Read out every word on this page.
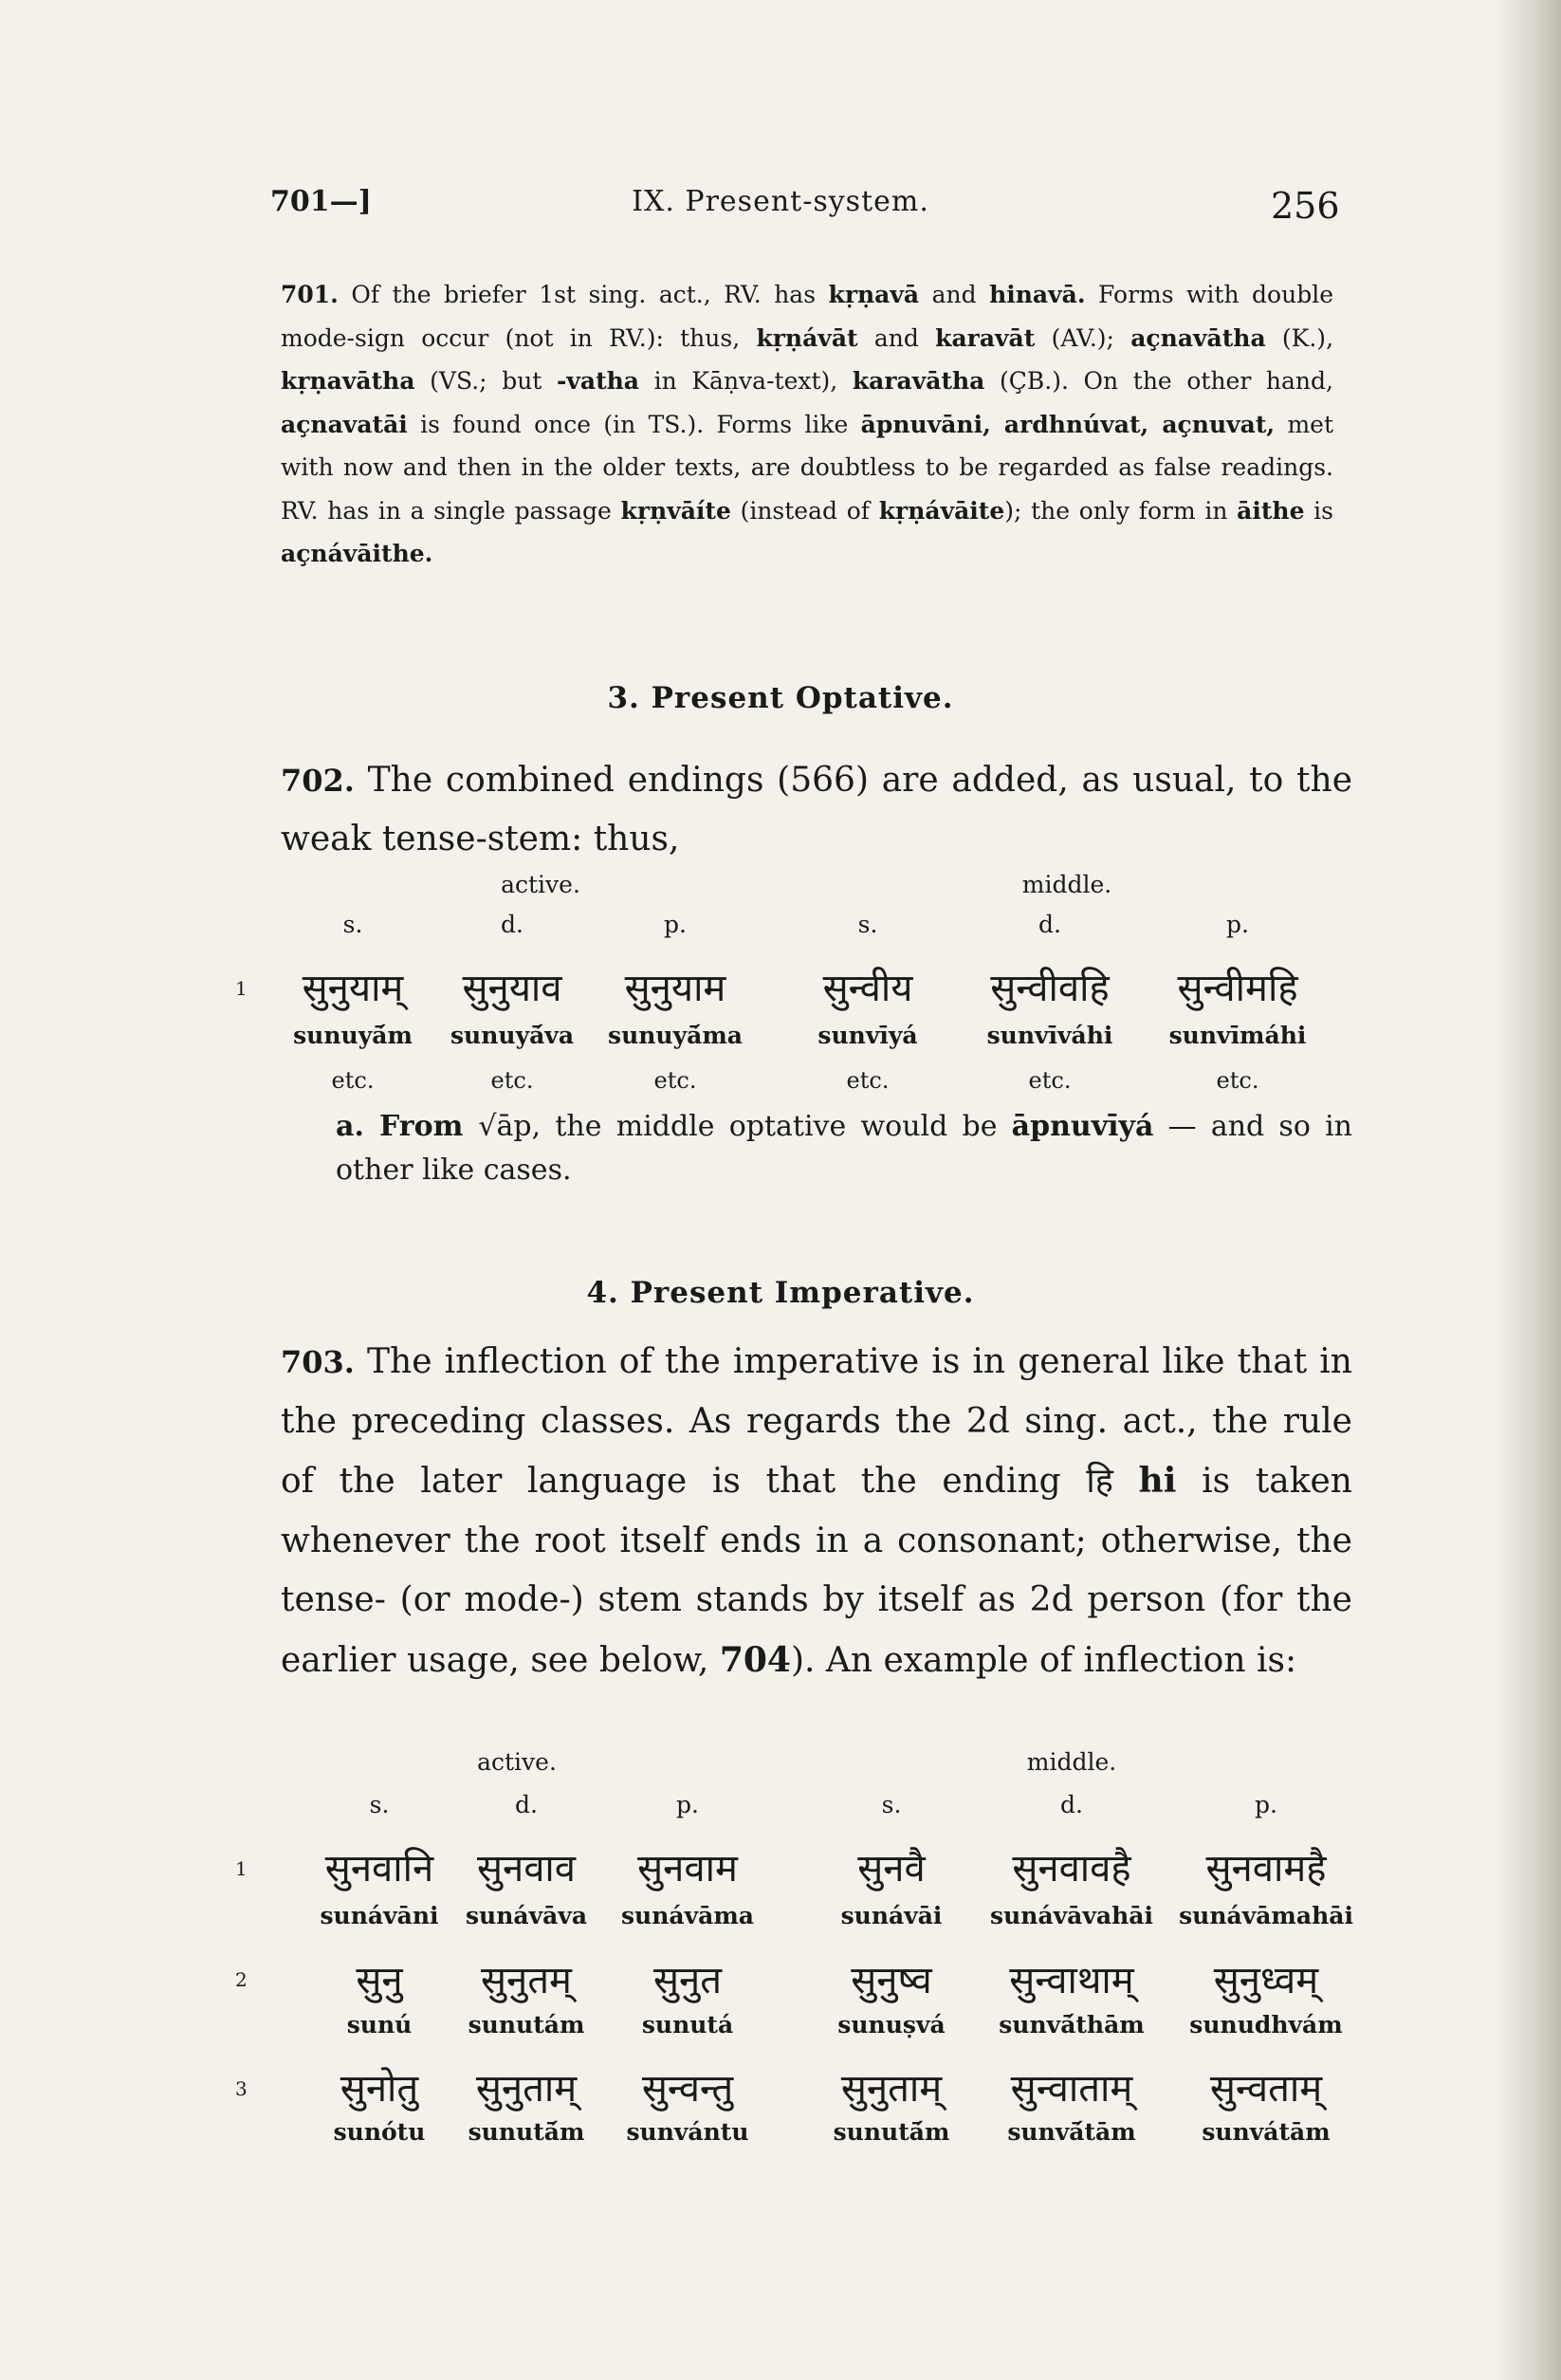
701—]	IX. Present-system.	256
701. Of the briefer 1st sing. act., RV. has kṛṇavā and hinavā. Forms with double mode-sign occur (not in RV.): thus, kṛṇávāt and karavāt (AV.); açnavātha (K.), kṛṇavātha (VS.; but -vatha in Kāṇva-text), karavātha (ÇB.). On the other hand, açnavatāi is found once (in TS.). Forms like āpnuvāni, ardhnúvat, açnuvat, met with now and then in the older texts, are doubtless to be regarded as false readings. RV. has in a single passage kṛṇvāíte (instead of kṛṇávāite); the only form in āithe is açnávāithe.
3. Present Optative.
702. The combined endings (566) are added, as usual, to the weak tense-stem: thus,
active.	middle.
s.	d.	p.	s.	d.	p.
1	सुनुयाम्	सुनुयाव	सुनुयाम	सुन्वीय	सुन्वीवहि	सुन्वीमहि
sunuyā́m	sunuyā́va	sunuyā́ma	sunvīyá	sunvīváhi	sunvīmáhi
etc.	etc.	etc.	etc.	etc.	etc.
a. From √āp, the middle optative would be āpnuvīyá — and so in other like cases.
4. Present Imperative.
703. The inflection of the imperative is in general like that in the preceding classes. As regards the 2d sing. act., the rule of the later language is that the ending हि hi is taken whenever the root itself ends in a consonant; otherwise, the tense- (or mode-) stem stands by itself as 2d person (for the earlier usage, see below, 704). An example of inflection is:
active.	middle.
s.	d.	p.	s.	d.	p.
1	सुनवानि	सुनवाव	सुनवाम	सुनवै	सुनवावहै	सुनवामहै
sunávāni	sunávāva	sunávāma	sunávāi	sunávāvahāi	sunávāmahāi
2	सुनु	सुनुतम्	सुनुत	सुनुष्व	सुन्वाथाम्	सुनुध्वम्
sunú	sunutám	sunutá	sunuṣvá	sunvā́thām	sunudhvám
3	सुनोतु	सुनुताम्	सुन्वन्तु	सुनुताम्	सुन्वाताम्	सुन्वताम्
sunótu	sunutā́m	sunvántu	sunutā́m	sunvā́tām	sunvátām
